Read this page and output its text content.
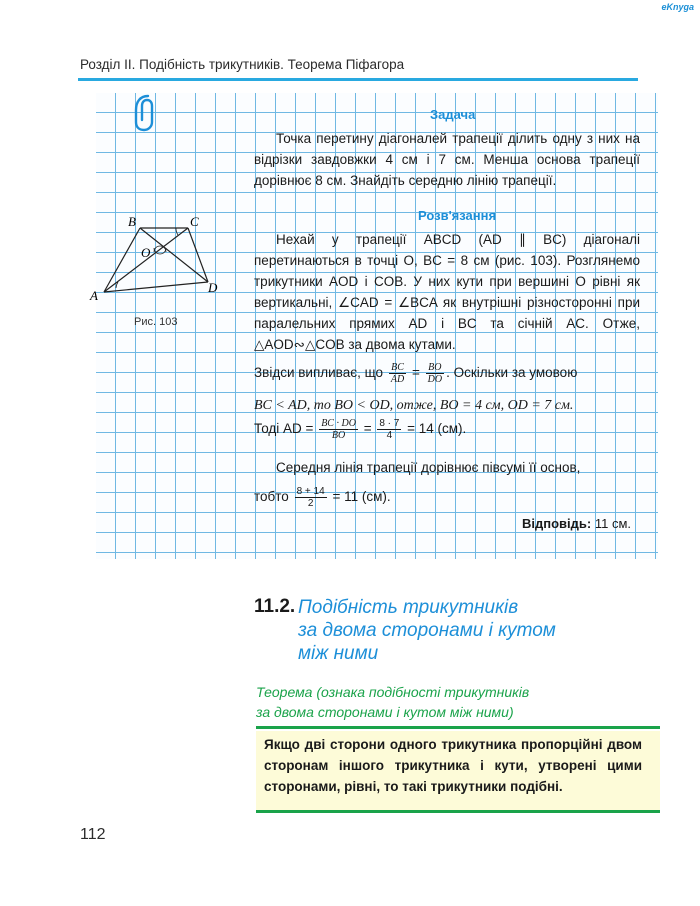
eKnyga
Розділ ІІ. Подібність трикутників. Теорема Піфагора
Задача
Точка перетину діагоналей трапеції ділить одну з них на відрізки завдовжки 4 см і 7 см. Менша основа трапеції дорівнює 8 см. Знайдіть середню лінію трапеції.
Розв'язання
Нехай у трапеції ABCD (AD ∥ BC) діагоналі перетинаються в точці O, BC = 8 см (рис. 103). Розглянемо трикутники AOD і COB. У них кути при вершині O рівні як вертикальні, ∠CAD = ∠BCA як внутрішні різносторонні при паралельних прямих AD і BC та січній AC. Отже, △AOD∾△COB за двома кутами.
Звідси випливає, що $\frac{BC}{AD} = \frac{BO}{DO}$ . Оскільки за умовою
BC < AD, то BO < OD, отже, BO = 4 см, OD = 7 см.
Тоді AD = $\frac{BC \cdot DO}{BO} = \frac{8 \cdot 7}{4} = 14$ (см).
Середня лінія трапеції дорівнює півсумі її основ,
тобто $\frac{8 + 14}{2} = 11$ (см).
Відповідь: 11 см.
A
B	C
D
O
Рис. 103
11.2. Подібність трикутників
за двома сторонами і кутом
між ними
Теорема (ознака подібності трикутників
за двома сторонами і кутом між ними)
Якщо дві сторони одного трикутника пропорційні двом сторонам іншого трикутника і кути, утворені цими сторонами, рівні, то такі трикутники подібні.
112
